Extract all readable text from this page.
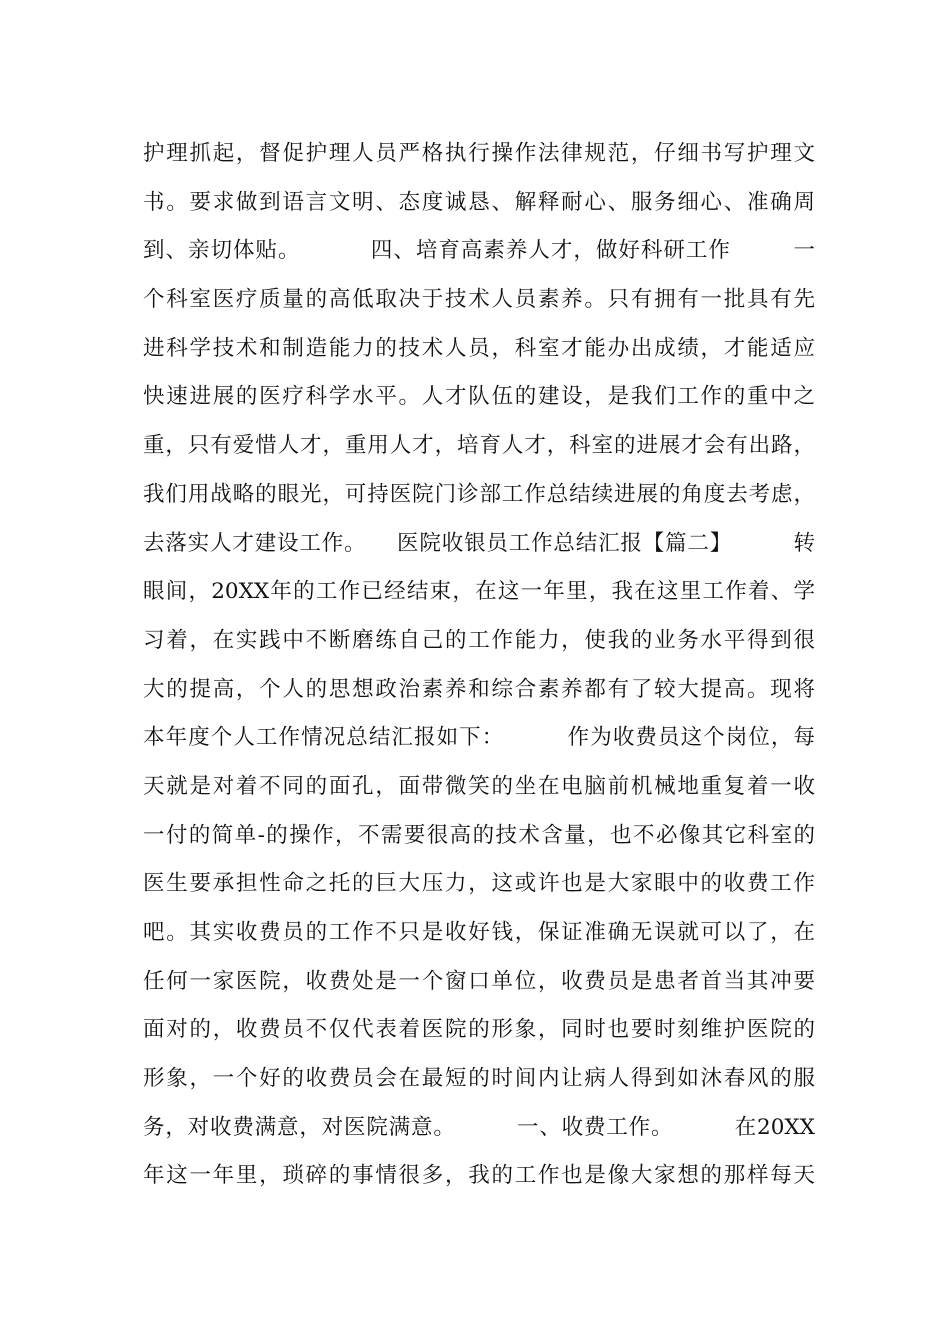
护理抓起，督促护理人员严格执行操作法律规范，仔细书写护理文
书。要求做到语言文明、态度诚恳、解释耐心、服务细心、准确周
到、亲切体贴。         四、培育高素养人才，做好科研工作        一
个科室医疗质量的高低取决于技术人员素养。只有拥有一批具有先
进科学技术和制造能力的技术人员，科室才能办出成绩，才能适应
快速进展的医疗科学水平。人才队伍的建设，是我们工作的重中之
重，只有爱惜人才，重用人才，培育人才，科室的进展才会有出路，
我们用战略的眼光，可持医院门诊部工作总结续进展的角度去考虑，
去落实人才建设工作。    医院收银员工作总结汇报【篇二】        转
眼间，20XX年的工作已经结束，在这一年里，我在这里工作着、学
习着，在实践中不断磨练自己的工作能力，使我的业务水平得到很
大的提高，个人的思想政治素养和综合素养都有了较大提高。现将
本年度个人工作情况总结汇报如下：        作为收费员这个岗位，每
天就是对着不同的面孔，面带微笑的坐在电脑前机械地重复着一收
一付的简单-的操作，不需要很高的技术含量，也不必像其它科室的
医生要承担性命之托的巨大压力，这或许也是大家眼中的收费工作
吧。其实收费员的工作不只是收好钱，保证准确无误就可以了，在
任何一家医院，收费处是一个窗口单位，收费员是患者首当其冲要
面对的，收费员不仅代表着医院的形象，同时也要时刻维护医院的
形象，一个好的收费员会在最短的时间内让病人得到如沐春风的服
务，对收费满意，对医院满意。        一、收费工作。        在20XX
年这一年里，琐碎的事情很多，我的工作也是像大家想的那样每天
